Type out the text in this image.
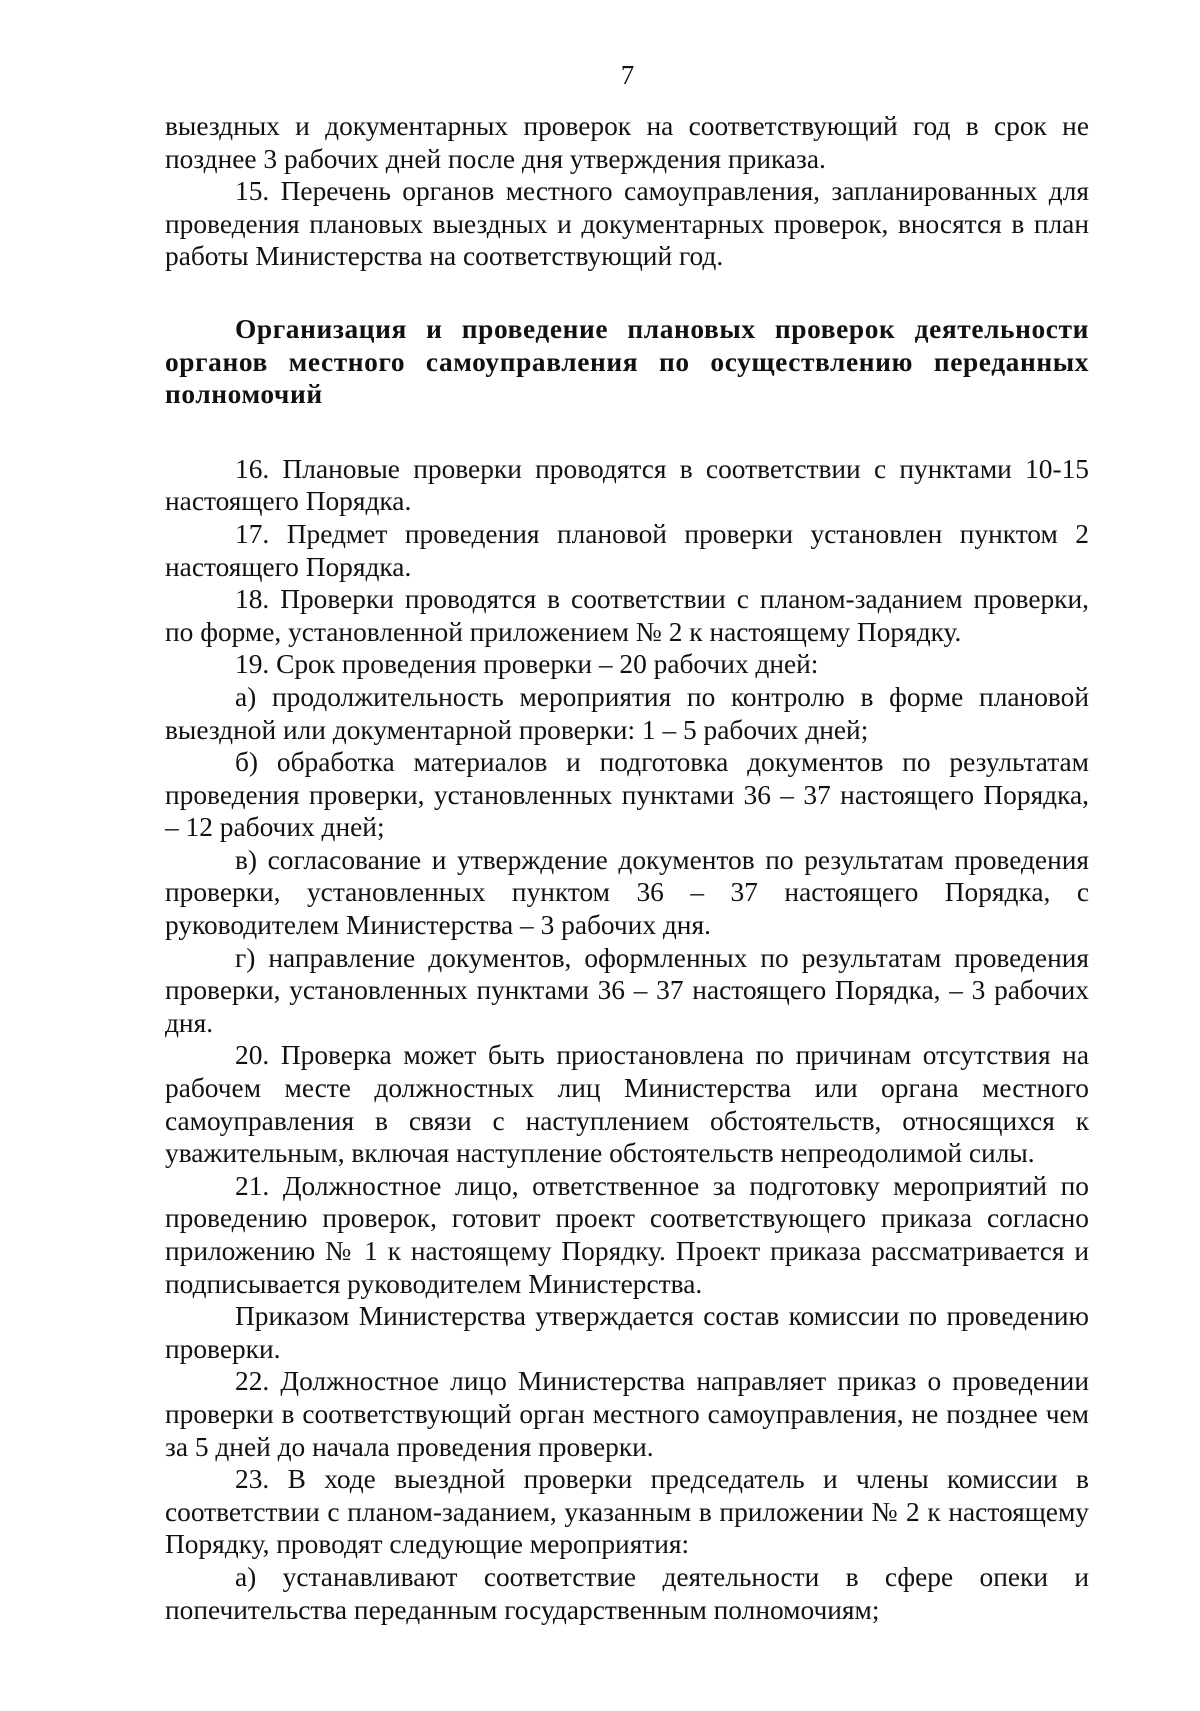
7

выездных и документарных проверок на соответствующий год в срок не позднее 3 рабочих дней после дня утверждения приказа.

15. Перечень органов местного самоуправления, запланированных для проведения плановых выездных и документарных проверок, вносятся в план работы Министерства на соответствующий год.

Организация и проведение плановых проверок деятельности органов местного самоуправления по осуществлению переданных полномочий

16. Плановые проверки проводятся в соответствии с пунктами 10-15 настоящего Порядка.

17. Предмет проведения плановой проверки установлен пунктом 2 настоящего Порядка.

18. Проверки проводятся в соответствии с планом-заданием проверки, по форме, установленной приложением № 2 к настоящему Порядку.

19. Срок проведения проверки – 20 рабочих дней:

а) продолжительность мероприятия по контролю в форме плановой выездной или документарной проверки: 1 – 5 рабочих дней;

б) обработка материалов и подготовка документов по результатам проведения проверки, установленных пунктами 36 – 37 настоящего Порядка, – 12 рабочих дней;

в) согласование и утверждение документов по результатам проведения проверки, установленных пунктом 36 – 37 настоящего Порядка, с руководителем Министерства – 3 рабочих дня.

г) направление документов, оформленных по результатам проведения проверки, установленных пунктами 36 – 37 настоящего Порядка, – 3 рабочих дня.

20. Проверка может быть приостановлена по причинам отсутствия на рабочем месте должностных лиц Министерства или органа местного самоуправления в связи с наступлением обстоятельств, относящихся к уважительным, включая наступление обстоятельств непреодолимой силы.

21. Должностное лицо, ответственное за подготовку мероприятий по проведению проверок, готовит проект соответствующего приказа согласно приложению № 1 к настоящему Порядку. Проект приказа рассматривается и подписывается руководителем Министерства.

Приказом Министерства утверждается состав комиссии по проведению проверки.

22. Должностное лицо Министерства направляет приказ о проведении проверки в соответствующий орган местного самоуправления, не позднее чем за 5 дней до начала проведения проверки.

23. В ходе выездной проверки председатель и члены комиссии в соответствии с планом-заданием, указанным в приложении № 2 к настоящему Порядку, проводят следующие мероприятия:

а) устанавливают соответствие деятельности в сфере опеки и попечительства переданным государственным полномочиям;
